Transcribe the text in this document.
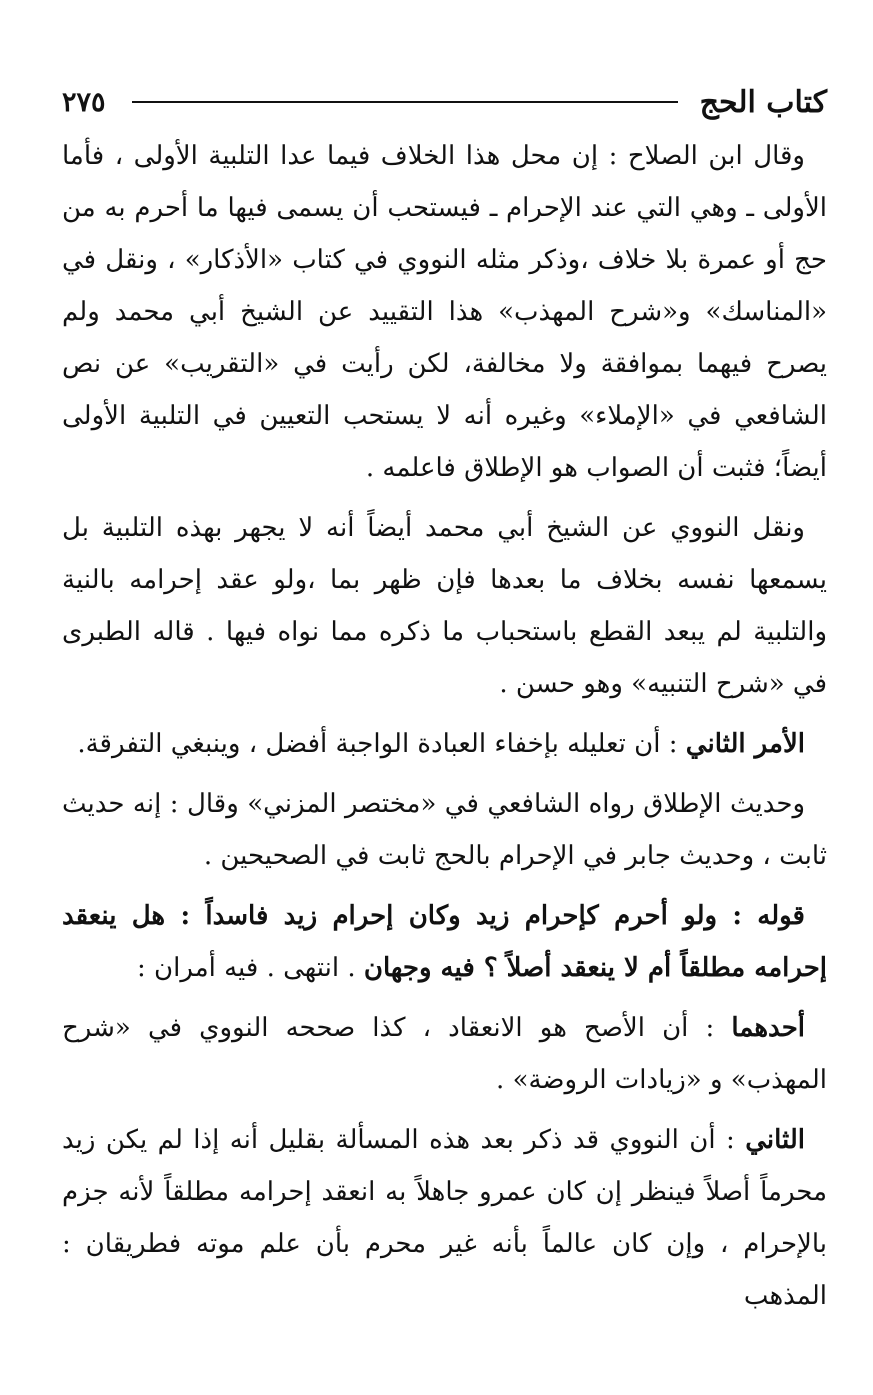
كتاب الحج
٢٧٥

وقال ابن الصلاح : إن محل هذا الخلاف فيما عدا التلبية الأولى ، فأما الأولى ـ وهي التي عند الإحرام ـ فيستحب أن يسمى فيها ما أحرم به من حج أو عمرة بلا خلاف ،وذكر مثله النووي في كتاب «الأذكار» ، ونقل في «المناسك» و«شرح المهذب» هذا التقييد عن الشيخ أبي محمد ولم يصرح فيهما بموافقة ولا مخالفة، لكن رأيت في «التقريب» عن نص الشافعي في «الإملاء» وغيره أنه لا يستحب التعيين في التلبية الأولى أيضاً؛ فثبت أن الصواب هو الإطلاق فاعلمه .

ونقل النووي عن الشيخ أبي محمد أيضاً أنه لا يجهر بهذه التلبية بل يسمعها نفسه بخلاف ما بعدها فإن ظهر بما ،ولو عقد إحرامه بالنية والتلبية لم يبعد القطع باستحباب ما ذكره مما نواه فيها . قاله الطبرى في «شرح التنبيه» وهو حسن .

الأمر الثاني : أن تعليله بإخفاء العبادة الواجبة أفضل ، وينبغي التفرقة.

وحديث الإطلاق رواه الشافعي في «مختصر المزني» وقال : إنه حديث ثابت ، وحديث جابر في الإحرام بالحج ثابت في الصحيحين .

قوله : ولو أحرم كإحرام زيد وكان إحرام زيد فاسداً : هل ينعقد إحرامه مطلقاً أم لا ينعقد أصلاً ؟ فيه وجهان . انتهى . فيه أمران :

أحدهما : أن الأصح هو الانعقاد ، كذا صححه النووي في «شرح المهذب» و «زيادات الروضة» .

الثاني : أن النووي قد ذكر بعد هذه المسألة بقليل أنه إذا لم يكن زيد محرماً أصلاً فينظر إن كان عمرو جاهلاً به انعقد إحرامه مطلقاً لأنه جزم بالإحرام ، وإن كان عالماً بأنه غير محرم بأن علم موته فطريقان : المذهب
